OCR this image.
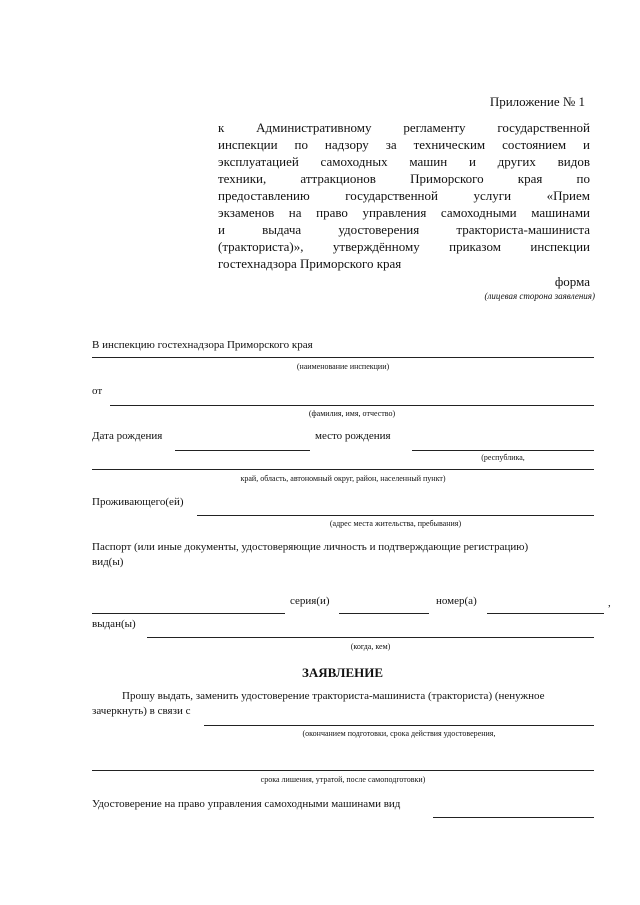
Приложение № 1
к Административному регламенту государственной
инспекции по надзору за техническим состоянием и
эксплуатацией самоходных машин и других видов
техники, аттракционов Приморского края по
предоставлению государственной услуги «Прием
экзаменов на право управления самоходными машинами
и выдача удостоверения тракториста-машиниста
(тракториста)», утверждённому приказом инспекции
гостехнадзора Приморского края
форма
(лицевая сторона заявления)
В инспекцию гостехнадзора Приморского края
(наименование инспекции)
от
(фамилия, имя, отчество)
Дата рождения	место рождения
(республика,
край, область, автономный округ, район, населенный пункт)
Проживающего(ей)
(адрес места жительства, пребывания)
Паспорт (или иные документы, удостоверяющие личность и подтверждающие регистрацию)
вид(ы)
серия(и)	номер(а)	,
выдан(ы)
(когда, кем)
ЗАЯВЛЕНИЕ
Прошу выдать, заменить удостоверение тракториста-машиниста (тракториста) (ненужное
зачеркнуть) в связи с
(окончанием подготовки, срока действия удостоверения,
срока лишения, утратой, после самоподготовки)
Удостоверение на право управления самоходными машинами вид
